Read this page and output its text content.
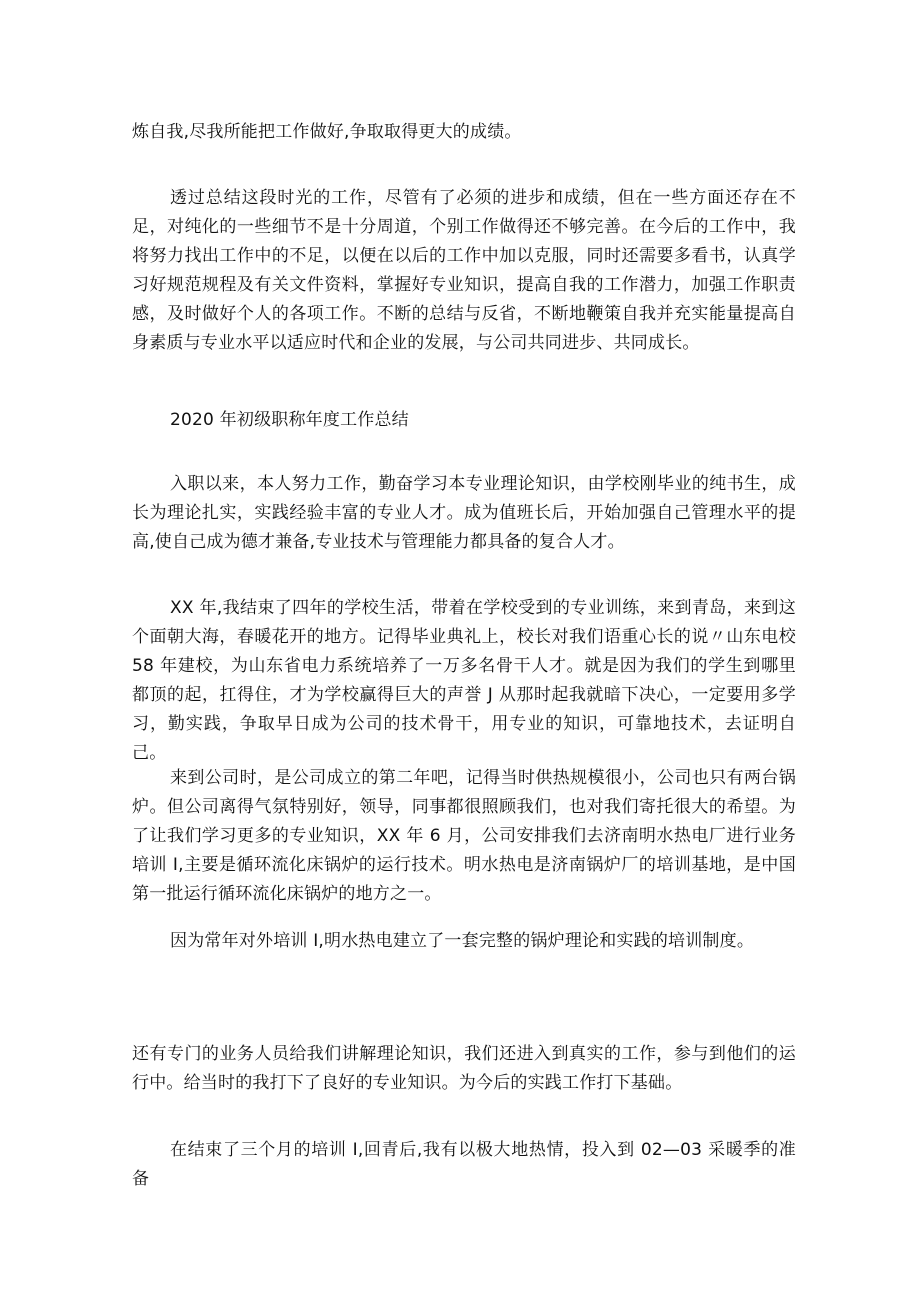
炼自我,尽我所能把工作做好,争取取得更大的成绩。

透过总结这段时光的工作，尽管有了必须的进步和成绩，但在一些方面还存在不足，对纯化的一些细节不是十分周道，个别工作做得还不够完善。在今后的工作中，我将努力找出工作中的不足，以便在以后的工作中加以克服，同时还需要多看书，认真学习好规范规程及有关文件资料，掌握好专业知识，提高自我的工作潜力，加强工作职责感，及时做好个人的各项工作。不断的总结与反省，不断地鞭策自我并充实能量提高自身素质与专业水平以适应时代和企业的发展，与公司共同进步、共同成长。

2020 年初级职称年度工作总结

入职以来，本人努力工作，勤奋学习本专业理论知识，由学校刚毕业的纯书生，成长为理论扎实，实践经验丰富的专业人才。成为值班长后，开始加强自己管理水平的提高,使自己成为德才兼备,专业技术与管理能力都具备的复合人才。

XX 年,我结束了四年的学校生活，带着在学校受到的专业训练，来到青岛，来到这个面朝大海，春暖花开的地方。记得毕业典礼上，校长对我们语重心长的说〃山东电校 58 年建校，为山东省电力系统培养了一万多名骨干人才。就是因为我们的学生到哪里都顶的起，扛得住，才为学校赢得巨大的声誉 J 从那时起我就暗下决心，一定要用多学习，勤实践，争取早日成为公司的技术骨干，用专业的知识，可靠地技术，去证明自己。

来到公司时，是公司成立的第二年吧，记得当时供热规模很小，公司也只有两台锅炉。但公司离得气氛特别好，领导，同事都很照顾我们，也对我们寄托很大的希望。为了让我们学习更多的专业知识，XX 年 6 月，公司安排我们去济南明水热电厂进行业务培训 I,主要是循环流化床锅炉的运行技术。明水热电是济南锅炉厂的培训基地，是中国第一批运行循环流化床锅炉的地方之一。

因为常年对外培训 I,明水热电建立了一套完整的锅炉理论和实践的培训制度。

还有专门的业务人员给我们讲解理论知识，我们还进入到真实的工作，参与到他们的运行中。给当时的我打下了良好的专业知识。为今后的实践工作打下基础。

在结束了三个月的培训 I,回青后,我有以极大地热情，投入到 02—03 采暖季的准备
